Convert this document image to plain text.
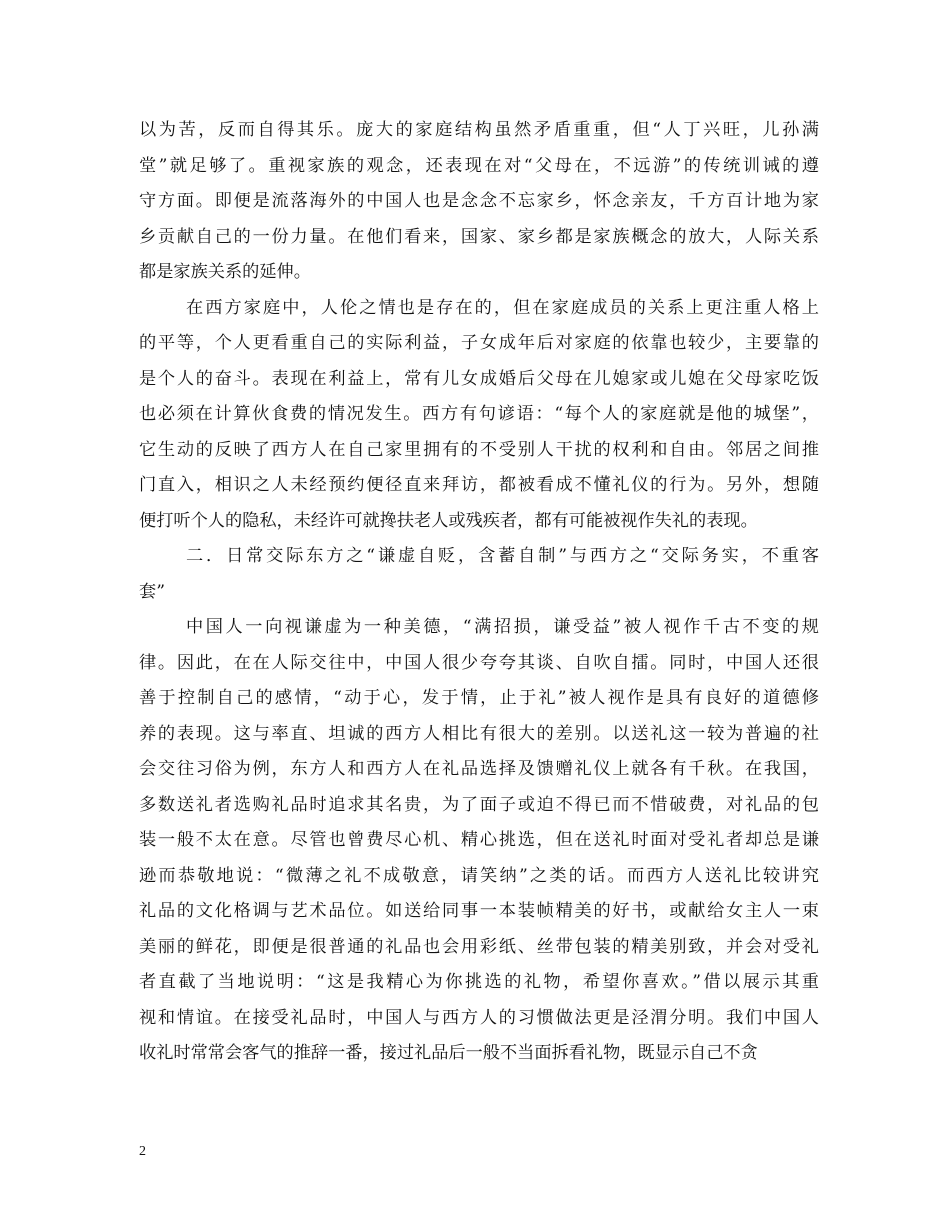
以为苦，反而自得其乐。庞大的家庭结构虽然矛盾重重，但“人丁兴旺，儿孙满
堂”就足够了。重视家族的观念，还表现在对“父母在，不远游”的传统训诫的遵
守方面。即便是流落海外的中国人也是念念不忘家乡，怀念亲友，千方百计地为家
乡贡献自己的一份力量。在他们看来，国家、家乡都是家族概念的放大，人际关系
都是家族关系的延伸。
在西方家庭中，人伦之情也是存在的，但在家庭成员的关系上更注重人格上
的平等，个人更看重自己的实际利益，子女成年后对家庭的依靠也较少，主要靠的
是个人的奋斗。表现在利益上，常有儿女成婚后父母在儿媳家或儿媳在父母家吃饭
也必须在计算伙食费的情况发生。西方有句谚语：“每个人的家庭就是他的城堡”，
它生动的反映了西方人在自己家里拥有的不受别人干扰的权利和自由。邻居之间推
门直入，相识之人未经预约便径直来拜访，都被看成不懂礼仪的行为。另外，想随
便打听个人的隐私，未经许可就搀扶老人或残疾者，都有可能被视作失礼的表现。
二．日常交际东方之“谦虚自贬，含蓄自制”与西方之“交际务实，不重客
套”
中国人一向视谦虚为一种美德，“满招损，谦受益”被人视作千古不变的规
律。因此，在在人际交往中，中国人很少夸夸其谈、自吹自擂。同时，中国人还很
善于控制自己的感情，“动于心，发于情，止于礼”被人视作是具有良好的道德修
养的表现。这与率直、坦诚的西方人相比有很大的差别。以送礼这一较为普遍的社
会交往习俗为例，东方人和西方人在礼品选择及馈赠礼仪上就各有千秋。在我国，
多数送礼者选购礼品时追求其名贵，为了面子或迫不得已而不惜破费，对礼品的包
装一般不太在意。尽管也曾费尽心机、精心挑选，但在送礼时面对受礼者却总是谦
逊而恭敬地说：“微薄之礼不成敬意，请笑纳”之类的话。而西方人送礼比较讲究
礼品的文化格调与艺术品位。如送给同事一本装帧精美的好书，或献给女主人一束
美丽的鲜花，即便是很普通的礼品也会用彩纸、丝带包装的精美别致，并会对受礼
者直截了当地说明：“这是我精心为你挑选的礼物，希望你喜欢。”借以展示其重
视和情谊。在接受礼品时，中国人与西方人的习惯做法更是泾渭分明。我们中国人
收礼时常常会客气的推辞一番，接过礼品后一般不当面拆看礼物，既显示自己不贪
2
